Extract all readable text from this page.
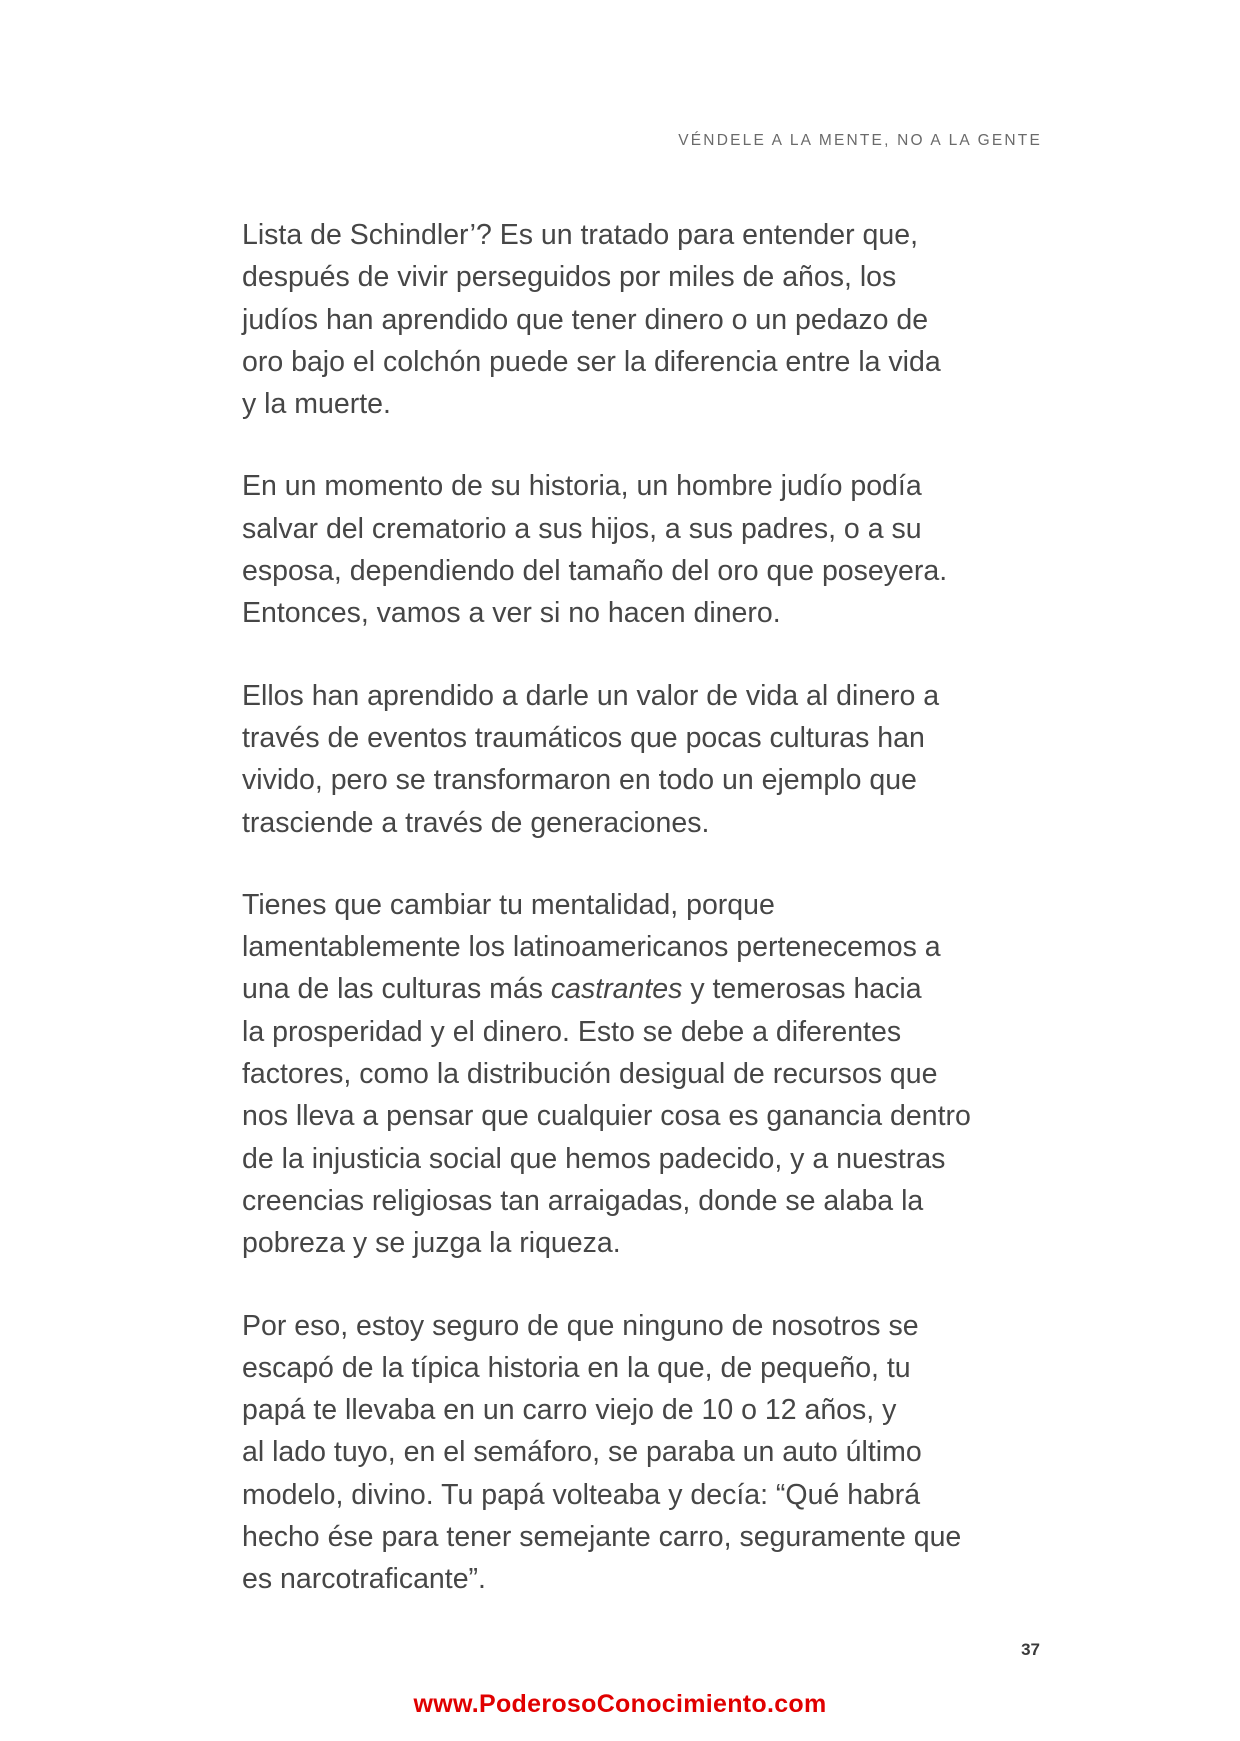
VÉNDELE A LA MENTE, NO A LA GENTE

Lista de Schindler’? Es un tratado para entender que,
después de vivir perseguidos por miles de años, los
judíos han aprendido que tener dinero o un pedazo de
oro bajo el colchón puede ser la diferencia entre la vida
y la muerte.

En un momento de su historia, un hombre judío podía
salvar del crematorio a sus hijos, a sus padres, o a su
esposa, dependiendo del tamaño del oro que poseyera.
Entonces, vamos a ver si no hacen dinero.

Ellos han aprendido a darle un valor de vida al dinero a
través de eventos traumáticos que pocas culturas han
vivido, pero se transformaron en todo un ejemplo que
trasciende a través de generaciones.

Tienes que cambiar tu mentalidad, porque
lamentablemente los latinoamericanos pertenecemos a
una de las culturas más castrantes y temerosas hacia
la prosperidad y el dinero. Esto se debe a diferentes
factores, como la distribución desigual de recursos que
nos lleva a pensar que cualquier cosa es ganancia dentro
de la injusticia social que hemos padecido, y a nuestras
creencias religiosas tan arraigadas, donde se alaba la
pobreza y se juzga la riqueza.

Por eso, estoy seguro de que ninguno de nosotros se
escapó de la típica historia en la que, de pequeño, tu
papá te llevaba en un carro viejo de 10 o 12 años, y
al lado tuyo, en el semáforo, se paraba un auto último
modelo, divino. Tu papá volteaba y decía: “Qué habrá
hecho ése para tener semejante carro, seguramente que
es narcotraficante”.

37
www.PoderosoConocimiento.com
